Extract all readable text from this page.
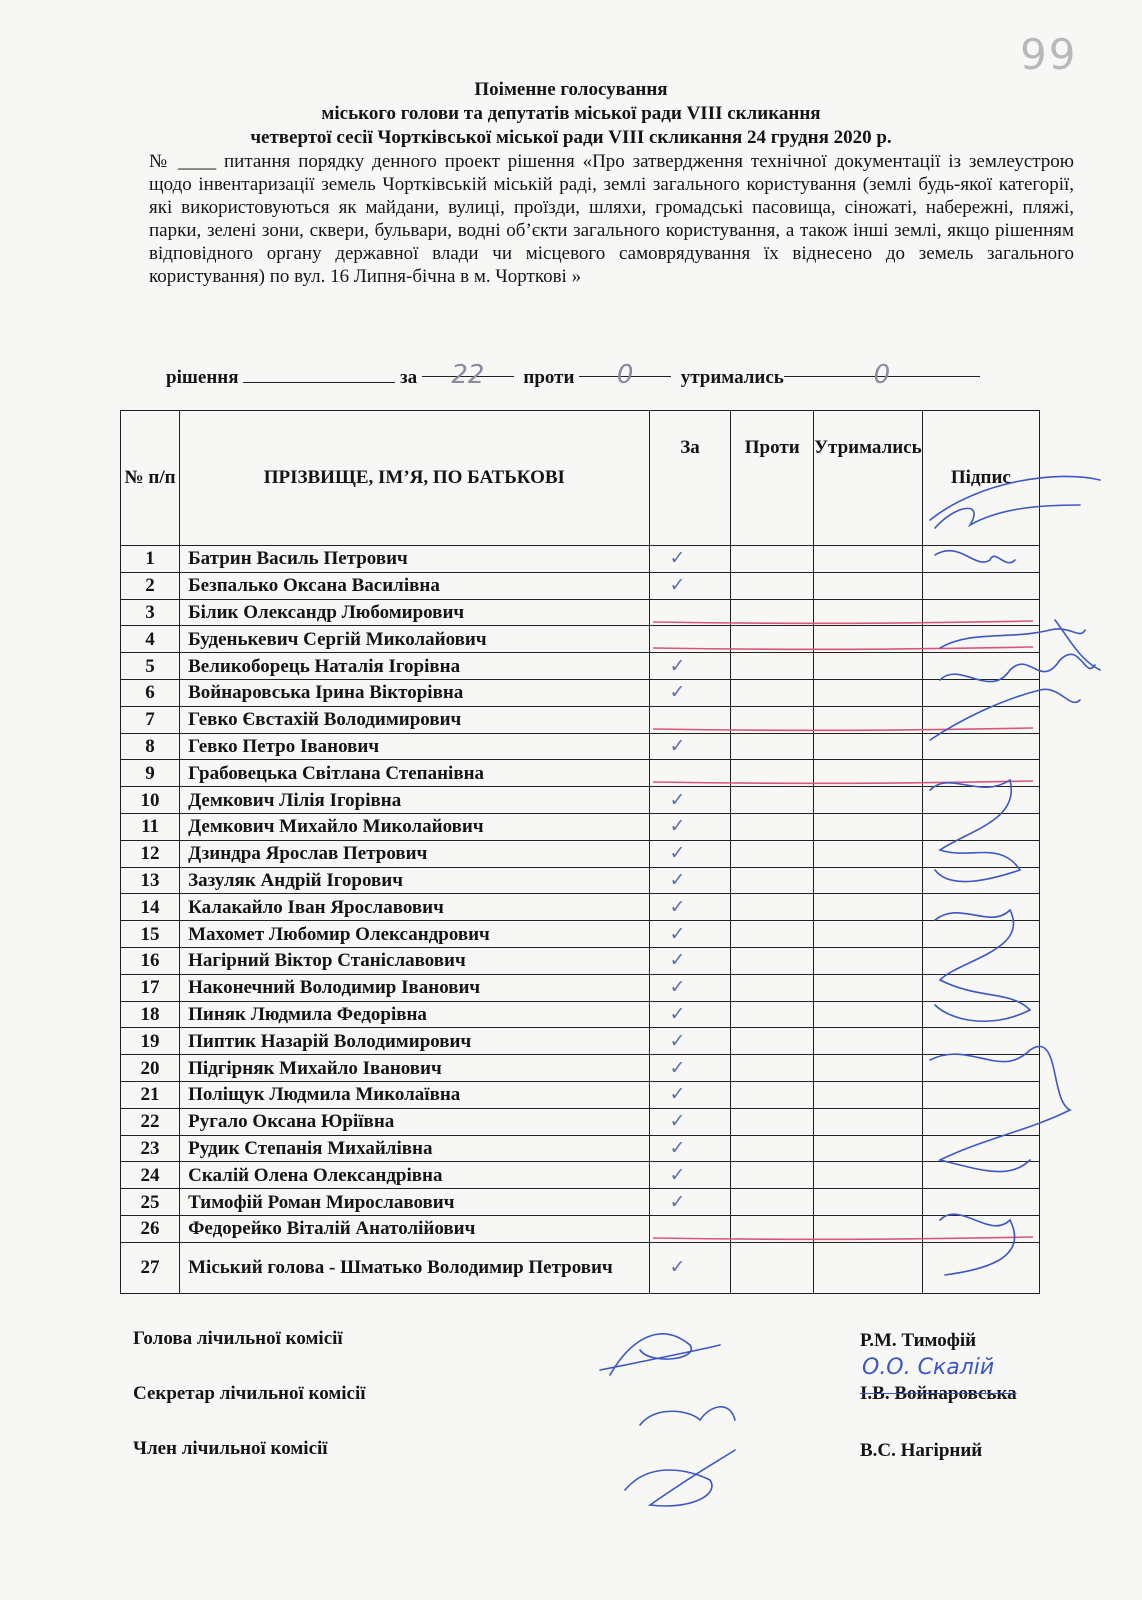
99
Поіменне голосування
міського голови та депутатів міської ради VIII скликання
четвертої сесії Чортківської міської ради VIII скликання 24 грудня 2020 р.
№ ____ питання порядку денного проект рішення «Про затвердження технічної документації із землеустрою щодо інвентаризації земель Чортківській міській раді, землі загального користування (землі будь-якої категорії, які використовуються як майдани, вулиці, проїзди, шляхи, громадські пасовища, сіножаті, набережні, пляжі, парки, зелені зони, сквери, бульвари, водні об’єкти загального користування, а також інші землі, якщо рішенням відповідного органу державної влади чи місцевого самоврядування їх віднесено до земель загального користування) по вул. 16 Липня-бічна в м. Чорткові »
рішення	за 22 проти 0 утримались	0
№ п/п	ПРІЗВИЩЕ, ІМ’Я, ПО БАТЬКОВІ	За	Проти	Утримались	Підпис
1	Батрин Василь Петрович	✓			
2	Безпалько Оксана Василівна	✓			
3	Білик Олександр Любомирович				
4	Буденькевич Сергій Миколайович				
5	Великоборець Наталія Ігорівна	✓			
6	Война​ровська Ірина Вікторівна	✓			
7	Гевко Євстахій Володимирович				
8	Гевко Петро Іванович	✓			
9	Грабовецька Світлана Степанівна				
10	Демкович Лілія Ігорівна	✓			
11	Демкович Михайло Миколайович	✓			
12	Дзиндра Ярослав Петрович	✓			
13	Зазуляк Андрій Ігорович	✓			
14	Калакайло Іван Ярославович	✓			
15	Махомет Любомир Олександрович	✓			
16	Нагірний Віктор Станіславович	✓			
17	Наконечний Володимир Іванович	✓			
18	Пиняк Людмила Федорівна	✓			
19	Пиптик Назарій Володимирович	✓			
20	Підгірняк Михайло Іванович	✓			
21	Поліщук Людмила Миколаївна	✓			
22	Ругало Оксана Юріївна	✓			
23	Рудик Степанія Михайлівна	✓			
24	Скалій Олена Олександрівна	✓			
25	Тимофій Роман Мирославович	✓			
26	Федорейко Віталій Анатолійович				
27	Міський голова - Шматько Володимир Петрович	✓			
Голова лічильної комісії	Р.М. Тимофій
Секретар лічильної комісії	І.В. Войнаровська
О.О. Скалій
Член лічильної комісії	В.С. Нагірний
